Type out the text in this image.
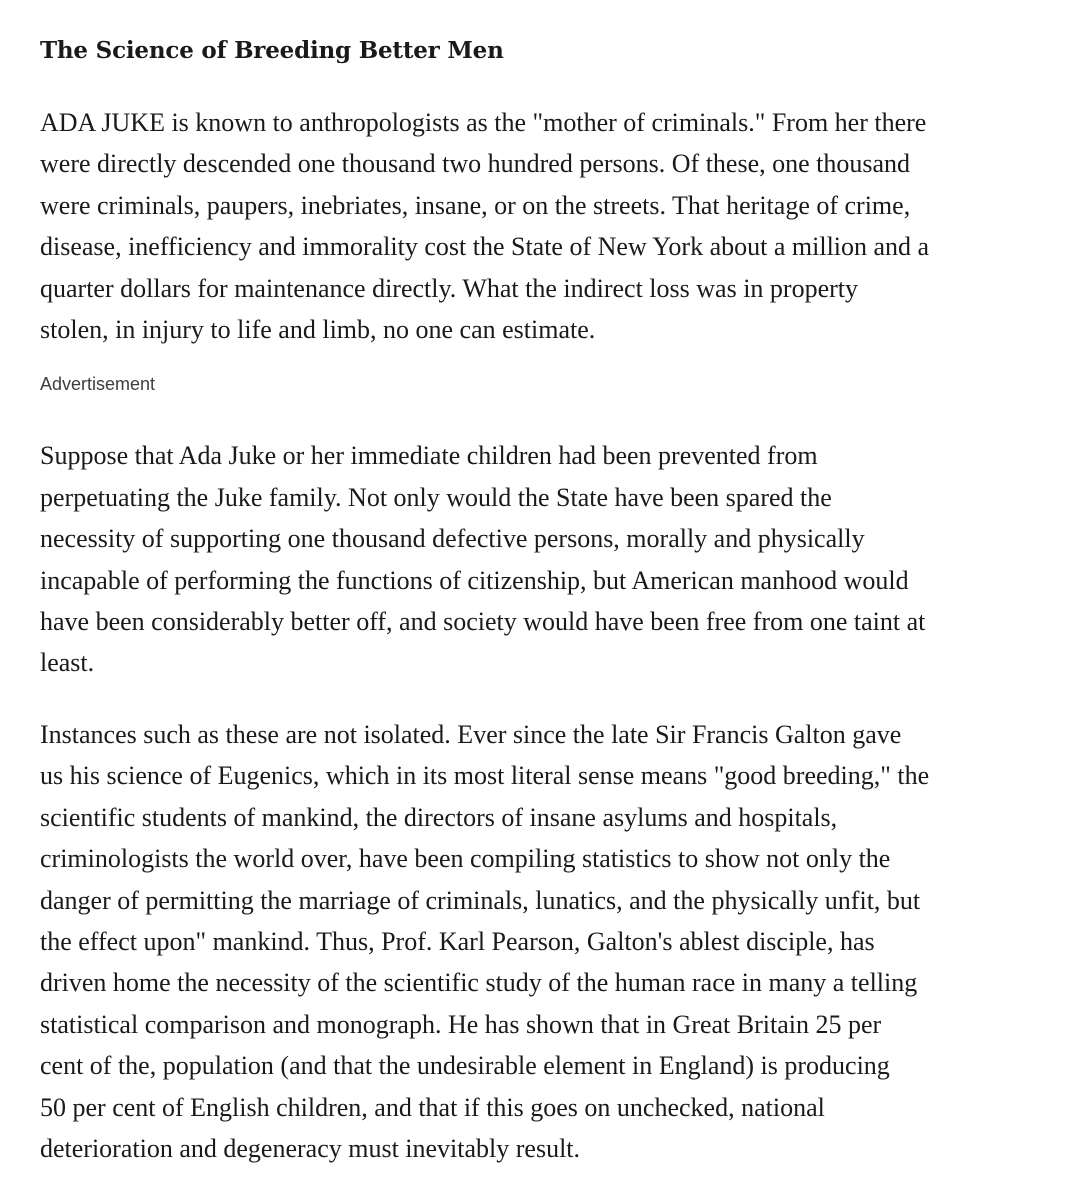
The Science of Breeding Better Men

ADA JUKE is known to anthropologists as the "mother of criminals." From her there
were directly descended one thousand two hundred persons. Of these, one thousand
were criminals, paupers, inebriates, insane, or on the streets. That heritage of crime,
disease, inefficiency and immorality cost the State of New York about a million and a
quarter dollars for maintenance directly. What the indirect loss was in property
stolen, in injury to life and limb, no one can estimate.

Advertisement

Suppose that Ada Juke or her immediate children had been prevented from
perpetuating the Juke family. Not only would the State have been spared the
necessity of supporting one thousand defective persons, morally and physically
incapable of performing the functions of citizenship, but American manhood would
have been considerably better off, and society would have been free from one taint at
least.

Instances such as these are not isolated. Ever since the late Sir Francis Galton gave
us his science of Eugenics, which in its most literal sense means "good breeding," the
scientific students of mankind, the directors of insane asylums and hospitals,
criminologists the world over, have been compiling statistics to show not only the
danger of permitting the marriage of criminals, lunatics, and the physically unfit, but
the effect upon" mankind. Thus, Prof. Karl Pearson, Galton's ablest disciple, has
driven home the necessity of the scientific study of the human race in many a telling
statistical comparison and monograph. He has shown that in Great Britain 25 per
cent of the, population (and that the undesirable element in England) is producing
50 per cent of English children, and that if this goes on unchecked, national
deterioration and degeneracy must inevitably result.
